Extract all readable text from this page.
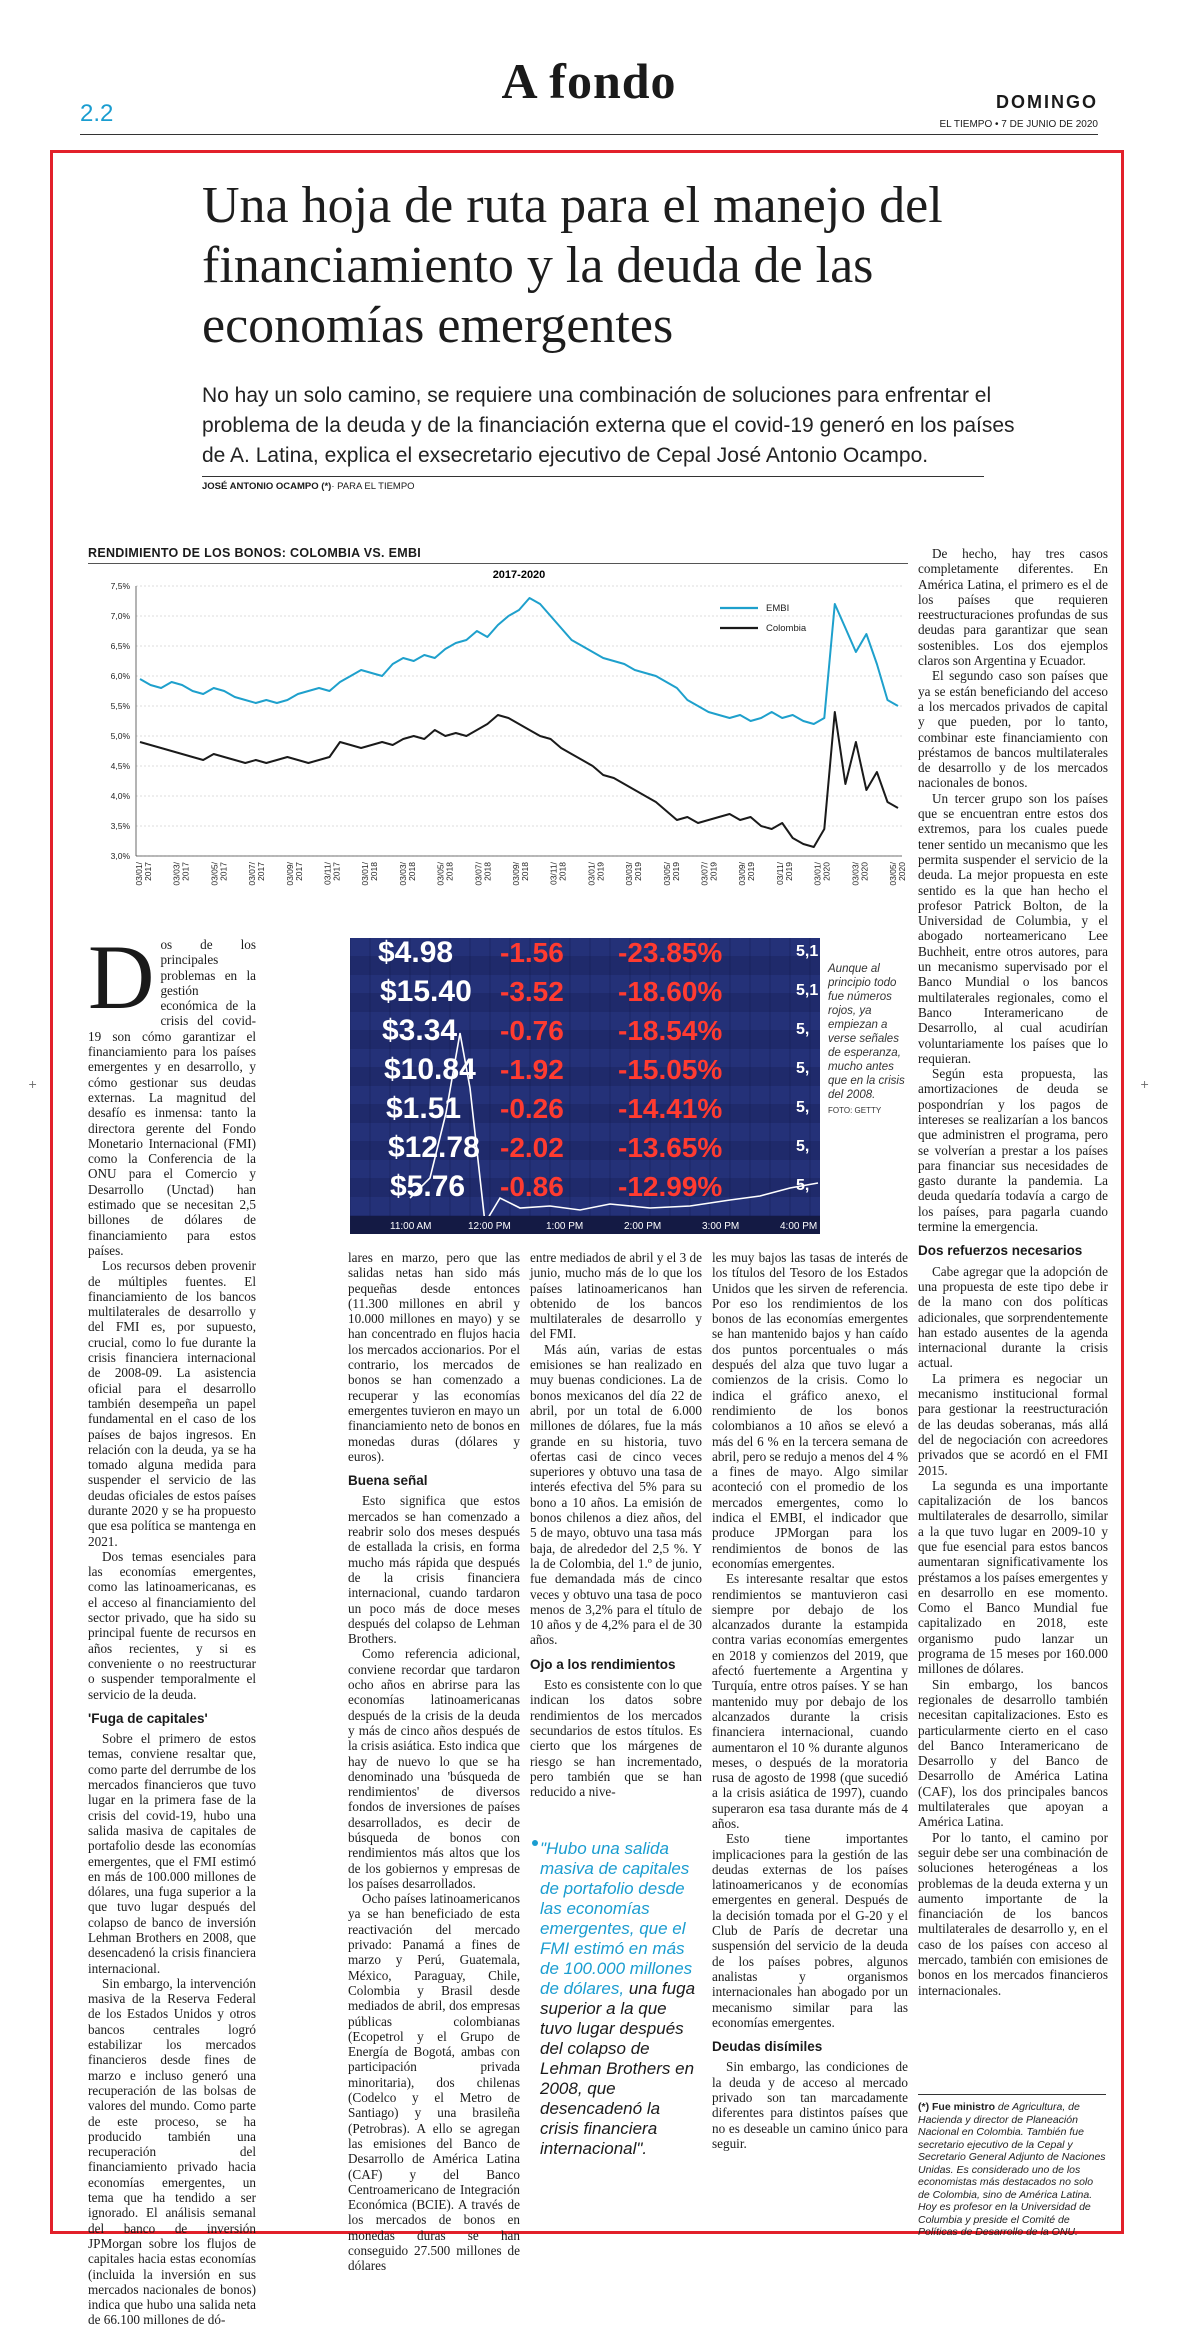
A fondo
2.2	DOMINGO
EL TIEMPO • 7 DE JUNIO DE 2020
Una hoja de ruta para el manejo del financiamiento y la deuda de las economías emergentes
No hay un solo camino, se requiere una combinación de soluciones para enfrentar el problema de la deuda y de la financiación externa que el covid-19 generó en los países de A. Latina, explica el exsecretario ejecutivo de Cepal José Antonio Ocampo.
JOSÉ ANTONIO OCAMPO (*)· PARA EL TIEMPO
RENDIMIENTO DE LOS BONOS: COLOMBIA VS. EMBI
2017-2020
7,5%
7,0%
6,5%
6,0%
5,5%
5,0%
4,5%
4,0%
3,5%
3,0%
03/01/2017 03/03/2017 03/05/2017 03/07/2017 03/09/2017 03/11/2017 03/01/2018 03/03/2018 03/05/2018 03/07/2018 03/09/2018 03/11/2018 03/01/2019 03/03/2019 03/05/2019 03/07/2019 03/09/2019 03/11/2019 03/01/2020 03/03/2020 03/05/2020
EMBI
Colombia
$4.98 -1.56 -23.85%	5,1
$15.40 -3.52 -18.60%	5,1
$3.34 -0.76 -18.54%	5,
$10.84 -1.92 -15.05%	5,
$1.51 -0.26 -14.41%	5,
$12.78 -2.02 -13.65%	5,
$5.76 -0.86 -12.99%	5,
11:00 AM	12:00 PM	1:00 PM	2:00 PM	3:00 PM	4:00 PM
Aunque al principio todo fue números rojos, ya empiezan a verse señales de esperanza, mucho antes que en la crisis del 2008.
FOTO: GETTY
D os de los principales problemas en la gestión económica de la crisis del covid-19 son cómo garantizar el financiamiento para los países emergentes y en desarrollo, y cómo gestionar sus deudas externas. La magnitud del desafío es inmensa: tanto la directora gerente del Fondo Monetario Internacional (FMI) como la Conferencia de la ONU para el Comercio y Desarrollo (Unctad) han estimado que se necesitan 2,5 billones de dólares de financiamiento para estos países.

Los recursos deben provenir de múltiples fuentes. El financiamiento de los bancos multilaterales de desarrollo y del FMI es, por supuesto, crucial, como lo fue durante la crisis financiera internacional de 2008-09. La asistencia oficial para el desarrollo también desempeña un papel fundamental en el caso de los países de bajos ingresos. En relación con la deuda, ya se ha tomado alguna medida para suspender el servicio de las deudas oficiales de estos países durante 2020 y se ha propuesto que esa política se mantenga en 2021.

Dos temas esenciales para las economías emergentes, como las latinoamericanas, es el acceso al financiamiento del sector privado, que ha sido su principal fuente de recursos en años recientes, y si es conveniente o no reestructurar o suspender temporalmente el servicio de la deuda.

'Fuga de capitales'

Sobre el primero de estos temas, conviene resaltar que, como parte del derrumbe de los mercados financieros que tuvo lugar en la primera fase de la crisis del covid-19, hubo una salida masiva de capitales de portafolio desde las economías emergentes, que el FMI estimó en más de 100.000 millones de dólares, una fuga superior a la que tuvo lugar después del colapso de banco de inversión Lehman Brothers en 2008, que desencadenó la crisis financiera internacional.

Sin embargo, la intervención masiva de la Reserva Federal de los Estados Unidos y otros bancos centrales logró estabilizar los mercados financieros desde fines de marzo e incluso generó una recuperación de las bolsas de valores del mundo. Como parte de este proceso, se ha producido también una recuperación del financiamiento privado hacia economías emergentes, un tema que ha tendido a ser ignorado. El análisis semanal del banco de inversión JPMorgan sobre los flujos de capitales hacia estas economías (incluida la inversión en sus mercados nacionales de bonos) indica que hubo una salida neta de 66.100 millones de dó-

lares en marzo, pero que las salidas netas han sido más pequeñas desde entonces (11.300 millones en abril y 10.000 millones en mayo) y se han concentrado en flujos hacia los mercados accionarios. Por el contrario, los mercados de bonos se han comenzado a recuperar y las economías emergentes tuvieron en mayo un financiamiento neto de bonos en monedas duras (dólares y euros).

Buena señal

Esto significa que estos mercados se han comenzado a reabrir solo dos meses después de estallada la crisis, en forma mucho más rápida que después de la crisis financiera internacional, cuando tardaron un poco más de doce meses después del colapso de Lehman Brothers.

Como referencia adicional, conviene recordar que tardaron ocho años en abrirse para las economías latinoamericanas después de la crisis de la deuda y más de cinco años después de la crisis asiática. Esto indica que hay de nuevo lo que se ha denominado una 'búsqueda de rendimientos' de diversos fondos de inversiones de países desarrollados, es decir de búsqueda de bonos con rendimientos más altos que los de los gobiernos y empresas de los países desarrollados.

Ocho países latinoamericanos ya se han beneficiado de esta reactivación del mercado privado: Panamá a fines de marzo y Perú, Guatemala, México, Paraguay, Chile, Colombia y Brasil desde mediados de abril, dos empresas públicas colombianas (Ecopetrol y el Grupo de Energía de Bogotá, ambas con participación privada minoritaria), dos chilenas (Codelco y el Metro de Santiago) y una brasileña (Petrobras). A ello se agregan las emisiones del Banco de Desarrollo de América Latina (CAF) y del Banco Centroamericano de Integración Económica (BCIE). A través de los mercados de bonos en monedas duras se han conseguido 27.500 millones de dólares

entre mediados de abril y el 3 de junio, mucho más de lo que los países latinoamericanos han obtenido de los bancos multilaterales de desarrollo y del FMI.

Más aún, varias de estas emisiones se han realizado en muy buenas condiciones. La de bonos mexicanos del día 22 de abril, por un total de 6.000 millones de dólares, fue la más grande en su historia, tuvo ofertas casi de cinco veces superiores y obtuvo una tasa de interés efectiva del 5% para su bono a 10 años. La emisión de bonos chilenos a diez años, del 5 de mayo, obtuvo una tasa más baja, de alrededor del 2,5 %. Y la de Colombia, del 1.º de junio, fue demandada más de cinco veces y obtuvo una tasa de poco menos de 3,2% para el título de 10 años y de 4,2% para el de 30 años.

Ojo a los rendimientos

Esto es consistente con lo que indican los datos sobre rendimientos de los mercados secundarios de estos títulos. Es cierto que los márgenes de riesgo se han incrementado, pero también que se han reducido a nive-

"Hubo una salida masiva de capitales de portafolio desde las economías emergentes, que el FMI estimó en más de 100.000 millones de dólares, una fuga superior a la que tuvo lugar después del colapso de Lehman Brothers en 2008, que desencadenó la crisis financiera internacional".

les muy bajos las tasas de interés de los títulos del Tesoro de los Estados Unidos que les sirven de referencia. Por eso los rendimientos de los bonos de las economías emergentes se han mantenido bajos y han caído dos puntos porcentuales o más después del alza que tuvo lugar a comienzos de la crisis. Como lo indica el gráfico anexo, el rendimiento de los bonos colombianos a 10 años se elevó a más del 6 % en la tercera semana de abril, pero se redujo a menos del 4 % a fines de mayo. Algo similar aconteció con el promedio de los mercados emergentes, como lo indica el EMBI, el indicador que produce JPMorgan para los rendimientos de bonos de las economías emergentes.

Es interesante resaltar que estos rendimientos se mantuvieron casi siempre por debajo de los alcanzados durante la estampida contra varias economías emergentes en 2018 y comienzos del 2019, que afectó fuertemente a Argentina y Turquía, entre otros países. Y se han mantenido muy por debajo de los alcanzados durante la crisis financiera internacional, cuando aumentaron el 10 % durante algunos meses, o después de la moratoria rusa de agosto de 1998 (que sucedió a la crisis asiática de 1997), cuando superaron esa tasa durante más de 4 años.

Esto tiene importantes implicaciones para la gestión de las deudas externas de los países latinoamericanos y de economías emergentes en general. Después de la decisión tomada por el G-20 y el Club de París de decretar una suspensión del servicio de la deuda de los países pobres, algunos analistas y organismos internacionales han abogado por un mecanismo similar para las economías emergentes.

Deudas disímiles

Sin embargo, las condiciones de la deuda y de acceso al mercado privado son tan marcadamente diferentes para distintos países que no es deseable un camino único para seguir.

De hecho, hay tres casos completamente diferentes. En América Latina, el primero es el de los países que requieren reestructuraciones profundas de sus deudas para garantizar que sean sostenibles. Los dos ejemplos claros son Argentina y Ecuador.

El segundo caso son países que ya se están beneficiando del acceso a los mercados privados de capital y que pueden, por lo tanto, combinar este financiamiento con préstamos de bancos multilaterales de desarrollo y de los mercados nacionales de bonos.

Un tercer grupo son los países que se encuentran entre estos dos extremos, para los cuales puede tener sentido un mecanismo que les permita suspender el servicio de la deuda. La mejor propuesta en este sentido es la que han hecho el profesor Patrick Bolton, de la Universidad de Columbia, y el abogado norteamericano Lee Buchheit, entre otros autores, para un mecanismo supervisado por el Banco Mundial o los bancos multilaterales regionales, como el Banco Interamericano de Desarrollo, al cual acudirían voluntariamente los países que lo requieran.

Según esta propuesta, las amortizaciones de deuda se pospondrían y los pagos de intereses se realizarían a los bancos que administren el programa, pero se volverían a prestar a los países para financiar sus necesidades de gasto durante la pandemia. La deuda quedaría todavía a cargo de los países, para pagarla cuando termine la emergencia.

Dos refuerzos necesarios

Cabe agregar que la adopción de una propuesta de este tipo debe ir de la mano con dos políticas adicionales, que sorprendentemente han estado ausentes de la agenda internacional durante la crisis actual.

La primera es negociar un mecanismo institucional formal para gestionar la reestructuración de las deudas soberanas, más allá del de negociación con acreedores privados que se acordó en el FMI 2015.

La segunda es una importante capitalización de los bancos multilaterales de desarrollo, similar a la que tuvo lugar en 2009-10 y que fue esencial para estos bancos aumentaran significativamente los préstamos a los países emergentes y en desarrollo en ese momento. Como el Banco Mundial fue capitalizado en 2018, este organismo pudo lanzar un programa de 15 meses por 160.000 millones de dólares.

Sin embargo, los bancos regionales de desarrollo también necesitan capitalizaciones. Esto es particularmente cierto en el caso del Banco Interamericano de Desarrollo y del Banco de Desarrollo de América Latina (CAF), los dos principales bancos multilaterales que apoyan a América Latina.

Por lo tanto, el camino por seguir debe ser una combinación de soluciones heterogéneas a los problemas de la deuda externa y un aumento importante de la financiación de los bancos multilaterales de desarrollo y, en el caso de los países con acceso al mercado, también con emisiones de bonos en los mercados financieros internacionales.

(*) Fue ministro de Agricultura, de Hacienda y director de Planeación Nacional en Colombia. También fue secretario ejecutivo de la Cepal y Secretario General Adjunto de Naciones Unidas. Es considerado uno de los economistas más destacados no solo de Colombia, sino de América Latina. Hoy es profesor en la Universidad de Columbia y preside el Comité de Políticas de Desarrollo de la ONU.
+	+
